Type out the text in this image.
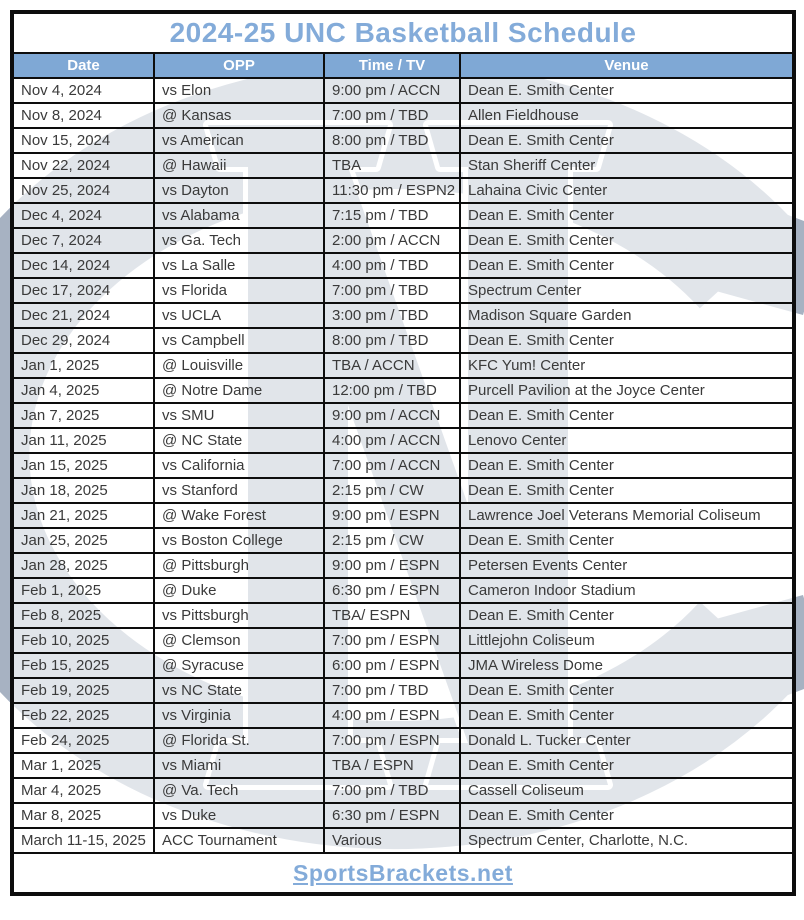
2024-25 UNC Basketball Schedule			
Date	OPP	Time / TV	Venue
Nov 4, 2024	vs Elon	9:00 pm / ACCN	Dean E. Smith Center
Nov 8, 2024	@ Kansas	7:00 pm / TBD	Allen Fieldhouse
Nov 15, 2024	vs American	8:00 pm / TBD	Dean E. Smith Center
Nov 22, 2024	@ Hawaii	TBA	Stan Sheriff Center
Nov 25, 2024	vs Dayton	11:30 pm / ESPN2	Lahaina Civic Center
Dec 4, 2024	vs Alabama	7:15 pm / TBD	Dean E. Smith Center
Dec 7, 2024	vs Ga. Tech	2:00 pm / ACCN	Dean E. Smith Center
Dec 14, 2024	vs La Salle	4:00 pm / TBD	Dean E. Smith Center
Dec 17, 2024	vs Florida	7:00 pm / TBD	Spectrum Center
Dec 21, 2024	vs UCLA	3:00 pm / TBD	Madison Square Garden
Dec 29, 2024	vs Campbell	8:00 pm / TBD	Dean E. Smith Center
Jan 1, 2025	@ Louisville	TBA / ACCN	KFC Yum! Center
Jan 4, 2025	@ Notre Dame	12:00 pm / TBD	Purcell Pavilion at the Joyce Center
Jan 7, 2025	vs SMU	9:00 pm / ACCN	Dean E. Smith Center
Jan 11, 2025	@ NC State	4:00 pm / ACCN	Lenovo Center
Jan 15, 2025	vs California	7:00 pm / ACCN	Dean E. Smith Center
Jan 18, 2025	vs Stanford	2:15 pm / CW	Dean E. Smith Center
Jan 21, 2025	@ Wake Forest	9:00 pm / ESPN	Lawrence Joel Veterans Memorial Coliseum
Jan 25, 2025	vs Boston College	2:15 pm / CW	Dean E. Smith Center
Jan 28, 2025	@ Pittsburgh	9:00 pm / ESPN	Petersen Events Center
Feb 1, 2025	@ Duke	6:30 pm / ESPN	Cameron Indoor Stadium
Feb 8, 2025	vs Pittsburgh	TBA/ ESPN	Dean E. Smith Center
Feb 10, 2025	@ Clemson	7:00 pm / ESPN	Littlejohn Coliseum
Feb 15, 2025	@ Syracuse	6:00 pm / ESPN	JMA Wireless Dome
Feb 19, 2025	vs NC State	7:00 pm / TBD	Dean E. Smith Center
Feb 22, 2025	vs Virginia	4:00 pm / ESPN	Dean E. Smith Center
Feb 24, 2025	@ Florida St.	7:00 pm / ESPN	Donald L. Tucker Center
Mar 1, 2025	vs Miami	TBA / ESPN	Dean E. Smith Center
Mar 4, 2025	@ Va. Tech	7:00 pm / TBD	Cassell Coliseum
Mar 8, 2025	vs Duke	6:30 pm / ESPN	Dean E. Smith Center
March 11-15, 2025	ACC Tournament	Various	Spectrum Center, Charlotte, N.C.
SportsBrackets.net			
